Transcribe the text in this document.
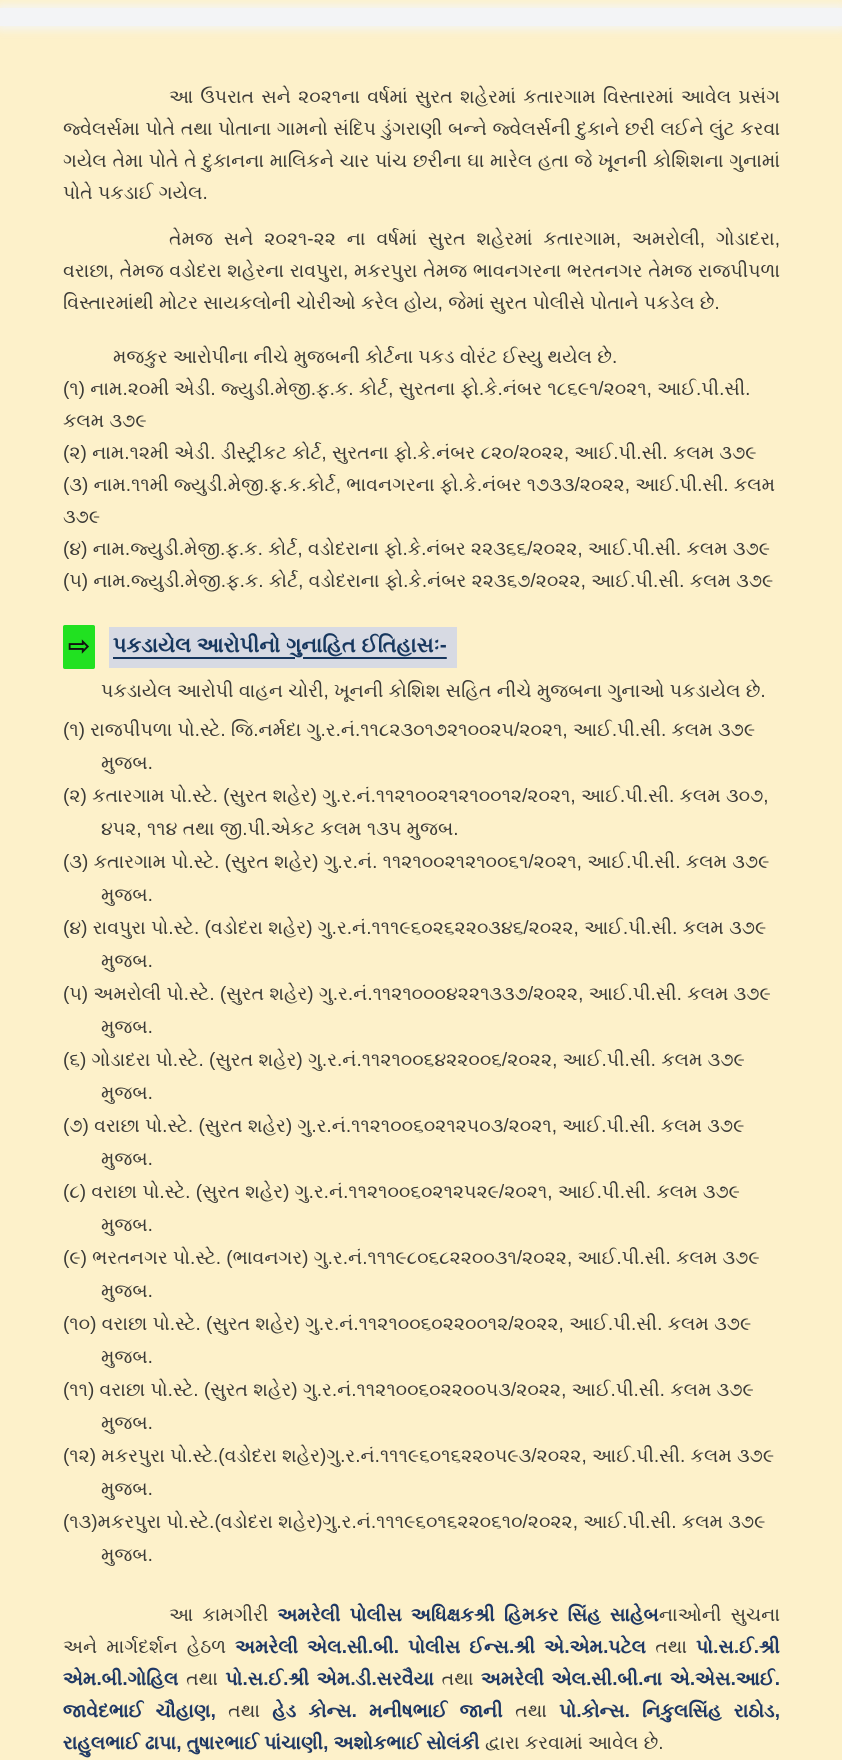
આ ઉપરાત સને ૨૦૨૧ના વર્ષમાં સુરત શહેરમાં કતારગામ વિસ્તારમાં આવેલ પ્રસંગ જ્વેલર્સમા પોતે તથા પોતાના ગામનો સંદિપ ડુંગરાણી બન્ને જ્વેલર્સની દુકાને છરી લઈને લુંટ કરવા ગયેલ તેમા પોતે તે દુકાનના માલિકને ચાર પાંચ છરીના ઘા મારેલ હતા જે ખૂનની કોશિશના ગુનામાં પોતે પકડાઈ ગયેલ.

તેમજ સને ૨૦૨૧-૨૨ ના વર્ષમાં સુરત શહેરમાં કતારગામ, અમરોલી, ગોડાદરા, વરાછા, તેમજ વડોદરા શહેરના રાવપુરા, મકરપુરા તેમજ ભાવનગરના ભરતનગર તેમજ રાજપીપળા વિસ્તારમાંથી મોટર સાયકલોની ચોરીઓ કરેલ હોય, જેમાં સુરત પોલીસે પોતાને પકડેલ છે.

મજકુર આરોપીના નીચે મુજબની કોર્ટના પકડ વોરંટ ઈસ્યુ થયેલ છે.

(૧) નામ.૨૦મી એડી. જ્યુડી.મેજી.ફ.ક. કોર્ટ, સુરતના ફો.કે.નંબર ૧૮૬૯૧/૨૦૨૧, આઈ.પી.સી. કલમ ૩૭૯
(૨) નામ.૧૨મી એડી. ડીસ્ટ્રીકટ કોર્ટ, સુરતના ફો.કે.નંબર ૮૨૦/૨૦૨૨, આઈ.પી.સી. કલમ ૩૭૯
(૩) નામ.૧૧મી જ્યુડી.મેજી.ફ.ક.કોર્ટ, ભાવનગરના ફો.કે.નંબર ૧૭૩૩/૨૦૨૨, આઈ.પી.સી. કલમ ૩૭૯
(૪) નામ.જ્યુડી.મેજી.ફ.ક. કોર્ટ, વડોદરાના ફો.કે.નંબર ૨૨૩૬૬/૨૦૨૨, આઈ.પી.સી. કલમ ૩૭૯
(૫) નામ.જ્યુડી.મેજી.ફ.ક. કોર્ટ, વડોદરાના ફો.કે.નંબર ૨૨૩૬૭/૨૦૨૨, આઈ.પી.સી. કલમ ૩૭૯
⇨ પકડાયેલ આરોપીનો ગુનાહિત ઈતિહાસઃ-

પકડાયેલ આરોપી વાહન ચોરી, ખૂનની કોશિશ સહિત નીચે મુજબના ગુનાઓ પકડાયેલ છે.

(૧) રાજપીપળા પો.સ્ટે. જિ.નર્મદા ગુ.ર.નં.૧૧૮૨૩૦૧૭૨૧૦૦૨૫/૨૦૨૧, આઈ.પી.સી. કલમ ૩૭૯ મુજબ.
(૨) કતારગામ પો.સ્ટે. (સુરત શહેર) ગુ.ર.નં.૧૧૨૧૦૦૨૧૨૧૦૦૧૨/૨૦૨૧, આઈ.પી.સી. કલમ ૩૦૭, ૪૫૨, ૧૧૪ તથા જી.પી.એકટ કલમ ૧૩૫ મુજબ.
(૩) કતારગામ પો.સ્ટે. (સુરત શહેર) ગુ.ર.નં. ૧૧૨૧૦૦૨૧૨૧૦૦૬૧/૨૦૨૧, આઈ.પી.સી. કલમ ૩૭૯ મુજબ.
(૪) રાવપુરા પો.સ્ટે. (વડોદરા શહેર) ગુ.ર.નં.૧૧૧૯૬૦૨૬૨૨૦૩૪૬/૨૦૨૨, આઈ.પી.સી. કલમ ૩૭૯ મુજબ.
(૫) અમરોલી પો.સ્ટે. (સુરત શહેર) ગુ.ર.નં.૧૧૨૧૦૦૦૪૨૨૧૩૩૭/૨૦૨૨, આઈ.પી.સી. કલમ ૩૭૯ મુજબ.
(૬) ગોડાદરા પો.સ્ટે. (સુરત શહેર) ગુ.ર.નં.૧૧૨૧૦૦૬૪૨૨૦૦૬/૨૦૨૨, આઈ.પી.સી. કલમ ૩૭૯ મુજબ.
(૭) વરાછા પો.સ્ટે. (સુરત શહેર) ગુ.ર.નં.૧૧૨૧૦૦૬૦૨૧૨૫૦૩/૨૦૨૧, આઈ.પી.સી. કલમ ૩૭૯ મુજબ.
(૮) વરાછા પો.સ્ટે. (સુરત શહેર) ગુ.ર.નં.૧૧૨૧૦૦૬૦૨૧૨૫૨૯/૨૦૨૧, આઈ.પી.સી. કલમ ૩૭૯ મુજબ.
(૯) ભરતનગર પો.સ્ટે. (ભાવનગર) ગુ.ર.નં.૧૧૧૯૮૦૬૮૨૨૦૦૩૧/૨૦૨૨, આઈ.પી.સી. કલમ ૩૭૯ મુજબ.
(૧૦) વરાછા પો.સ્ટે. (સુરત શહેર) ગુ.ર.નં.૧૧૨૧૦૦૬૦૨૨૦૦૧૨/૨૦૨૨, આઈ.પી.સી. કલમ ૩૭૯ મુજબ.
(૧૧) વરાછા પો.સ્ટે. (સુરત શહેર) ગુ.ર.નં.૧૧૨૧૦૦૬૦૨૨૦૦૫૩/૨૦૨૨, આઈ.પી.સી. કલમ ૩૭૯ મુજબ.
(૧૨) મકરપુરા પો.સ્ટે.(વડોદરા શહેર)ગુ.ર.નં.૧૧૧૯૬૦૧૬૨૨૦૫૯૩/૨૦૨૨, આઈ.પી.સી. કલમ ૩૭૯ મુજબ.
(૧૩)મકરપુરા પો.સ્ટે.(વડોદરા શહેર)ગુ.ર.નં.૧૧૧૯૬૦૧૬૨૨૦૬૧૦/૨૦૨૨, આઈ.પી.સી. કલમ ૩૭૯ મુજબ.

આ કામગીરી અમરેલી પોલીસ અધિક્ષકશ્રી હિમકર સિંહ સાહેબનાઓની સુચના અને માર્ગદર્શન હેઠળ અમરેલી એલ.સી.બી. પોલીસ ઈન્સ.શ્રી એ.એમ.પટેલ તથા પો.સ.ઈ.શ્રી એમ.બી.ગોહિલ તથા પો.સ.ઈ.શ્રી એમ.ડી.સરવૈયા તથા અમરેલી એલ.સી.બી.ના એ.એસ.આઈ. જાવેદભાઈ ચૌહાણ, તથા હેડ કોન્સ. મનીષભાઈ જાની તથા પો.કોન્સ. નિકુલસિંહ રાઠોડ, રાહુલભાઈ ઢાપા, તુષારભાઈ પાંચાણી, અશોકભાઈ સોલંકી દ્વારા કરવામાં આવેલ છે.
